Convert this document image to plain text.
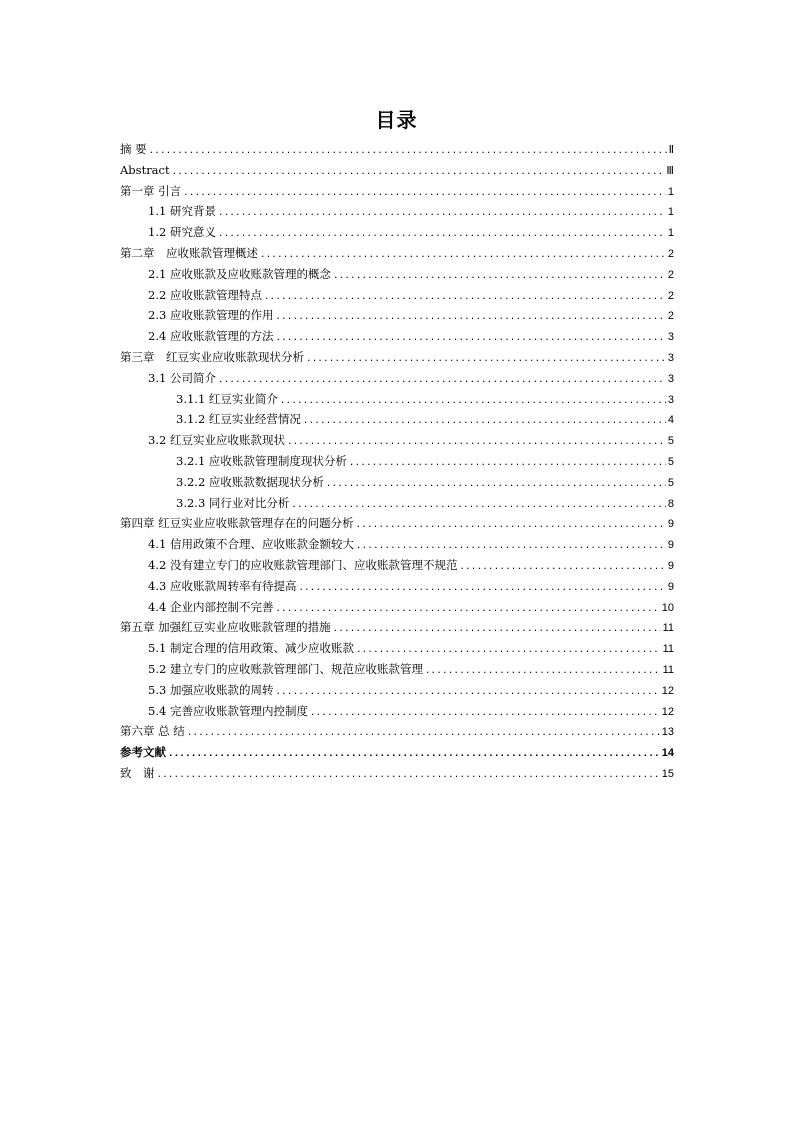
目录
摘 要 .....	Ⅱ
Abstract .....	Ⅲ
第一章 引言 .....	1
1.1 研究背景 .....	1
1.2 研究意义 .....	1
第二章　应收账款管理概述 .....	2
2.1 应收账款及应收账款管理的概念 .....	2
2.2 应收账款管理特点 .....	2
2.3 应收账款管理的作用 .....	2
2.4 应收账款管理的方法 .....	3
第三章　红豆实业应收账款现状分析 .....	3
3.1 公司简介 .....	3
3.1.1 红豆实业简介 .....	3
3.1.2 红豆实业经营情况 .....	4
3.2 红豆实业应收账款现状 .....	5
3.2.1 应收账款管理制度现状分析 .....	5
3.2.2 应收账款数据现状分析 .....	5
3.2.3 同行业对比分析 .....	8
第四章 红豆实业应收账款管理存在的问题分析 .....	9
4.1 信用政策不合理、应收账款金额较大 .....	9
4.2 没有建立专门的应收账款管理部门、应收账款管理不规范 .....	9
4.3 应收账款周转率有待提高 .....	9
4.4 企业内部控制不完善 .....	10
第五章 加强红豆实业应收账款管理的措施 .....	11
5.1 制定合理的信用政策、减少应收账款 .....	11
5.2 建立专门的应收账款管理部门、规范应收账款管理 .....	11
5.3 加强应收账款的周转 .....	12
5.4 完善应收账款管理内控制度 .....	12
第六章 总 结 .....	13
参考文献 .....	14
致　谢 .....	15
